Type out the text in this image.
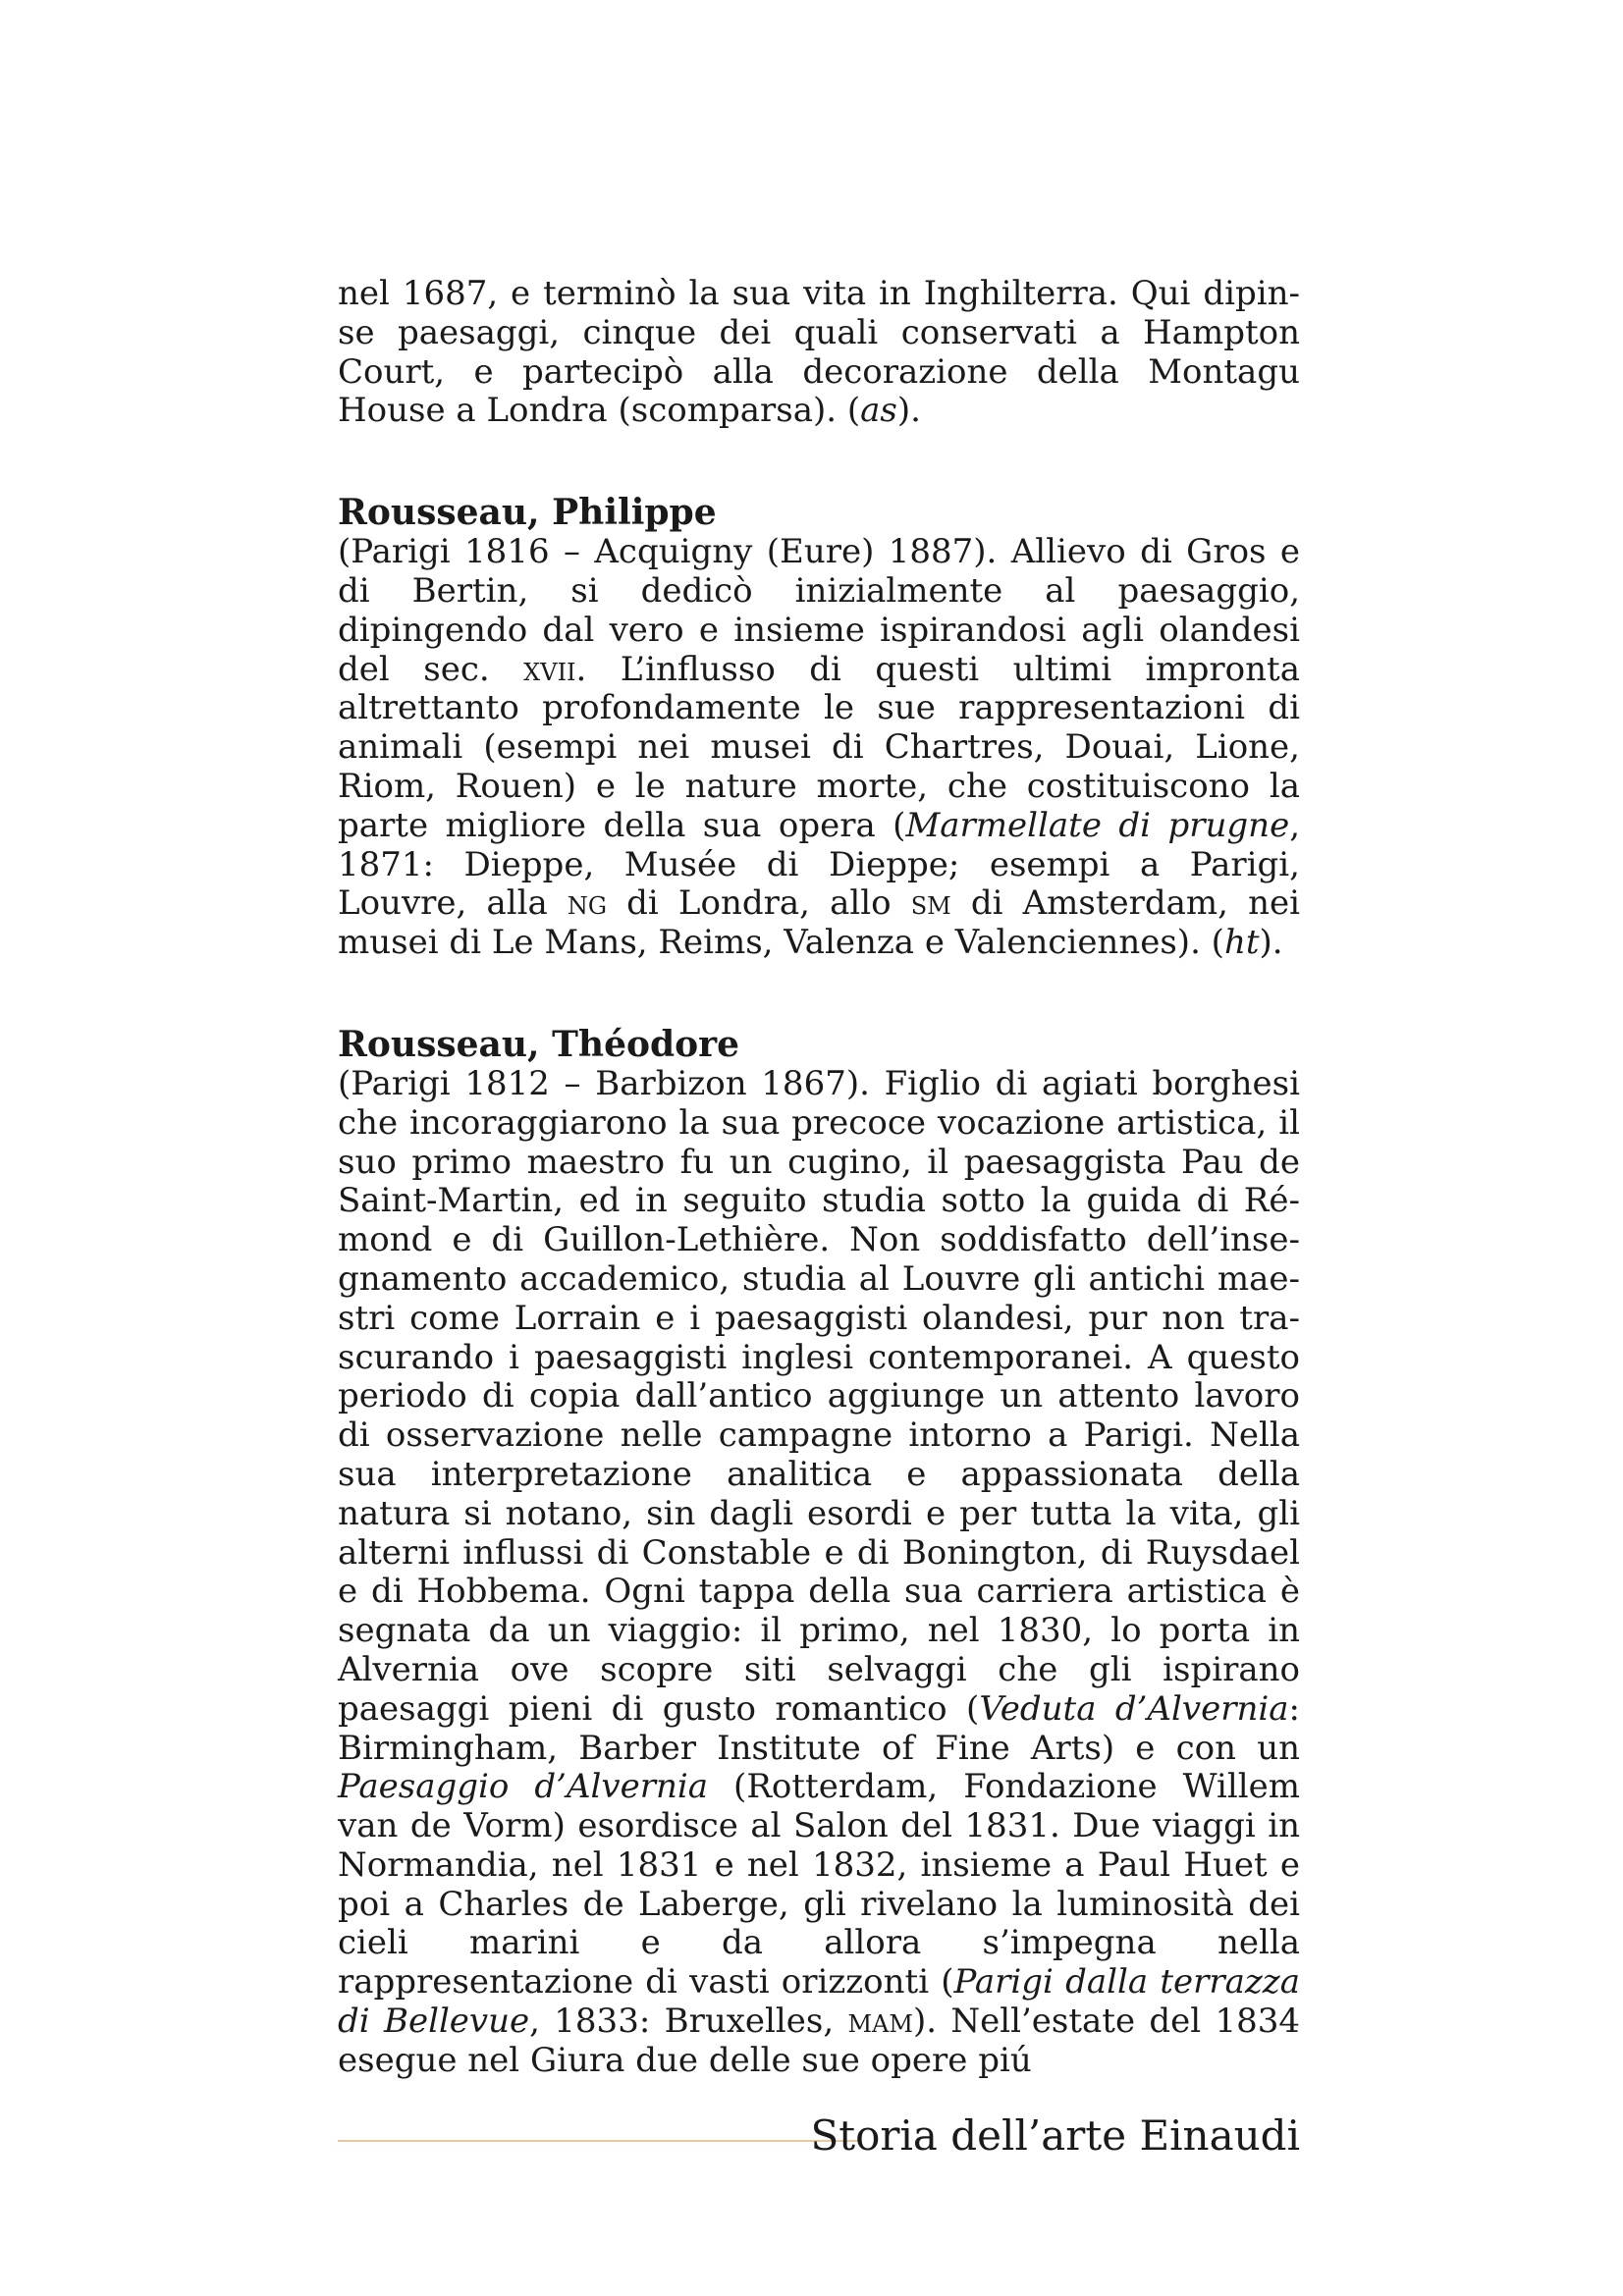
nel 1687, e terminò la sua vita in Inghilterra. Qui dipinse paesaggi, cinque dei quali conservati a Hampton Court, e partecipò alla decorazione della Montagu House a Londra (scomparsa). (as).

Rousseau, Philippe

(Parigi 1816 – Acquigny (Eure) 1887). Allievo di Gros e di Bertin, si dedicò inizialmente al paesaggio, dipingendo dal vero e insieme ispirandosi agli olandesi del sec. xvii. L’influsso di questi ultimi impronta altrettanto profondamente le sue rappresentazioni di animali (esempi nei musei di Chartres, Douai, Lione, Riom, Rouen) e le nature morte, che costituiscono la parte migliore della sua opera (Marmellate di prugne, 1871: Dieppe, Musée di Dieppe; esempi a Parigi, Louvre, alla ng di Londra, allo sm di Amsterdam, nei musei di Le Mans, Reims, Valenza e Valenciennes). (ht).

Rousseau, Théodore

(Parigi 1812 – Barbizon 1867). Figlio di agiati borghesi che incoraggiarono la sua precoce vocazione artistica, il suo primo maestro fu un cugino, il paesaggista Pau de Saint-Martin, ed in seguito studia sotto la guida di Rémond e di Guillon-Lethière. Non soddisfatto dell’insegnamento accademico, studia al Louvre gli antichi maestri come Lorrain e i paesaggisti olandesi, pur non trascurando i paesaggisti inglesi contemporanei. A questo periodo di copia dall’antico aggiunge un attento lavoro di osservazione nelle campagne intorno a Parigi. Nella sua interpretazione analitica e appassionata della natura si notano, sin dagli esordi e per tutta la vita, gli alterni influssi di Constable e di Bonington, di Ruysdael e di Hobbema. Ogni tappa della sua carriera artistica è segnata da un viaggio: il primo, nel 1830, lo porta in Alvernia ove scopre siti selvaggi che gli ispirano paesaggi pieni di gusto romantico (Veduta d’Alvernia: Birmingham, Barber Institute of Fine Arts) e con un Paesaggio d’Alvernia (Rotterdam, Fondazione Willem van de Vorm) esordisce al Salon del 1831. Due viaggi in Normandia, nel 1831 e nel 1832, insieme a Paul Huet e poi a Charles de Laberge, gli rivelano la luminosità dei cieli marini e da allora s’impegna nella rappresentazione di vasti orizzonti (Parigi dalla terrazza di Bellevue, 1833: Bruxelles, mam). Nell’estate del 1834 esegue nel Giura due delle sue opere piú

Storia dell’arte Einaudi
